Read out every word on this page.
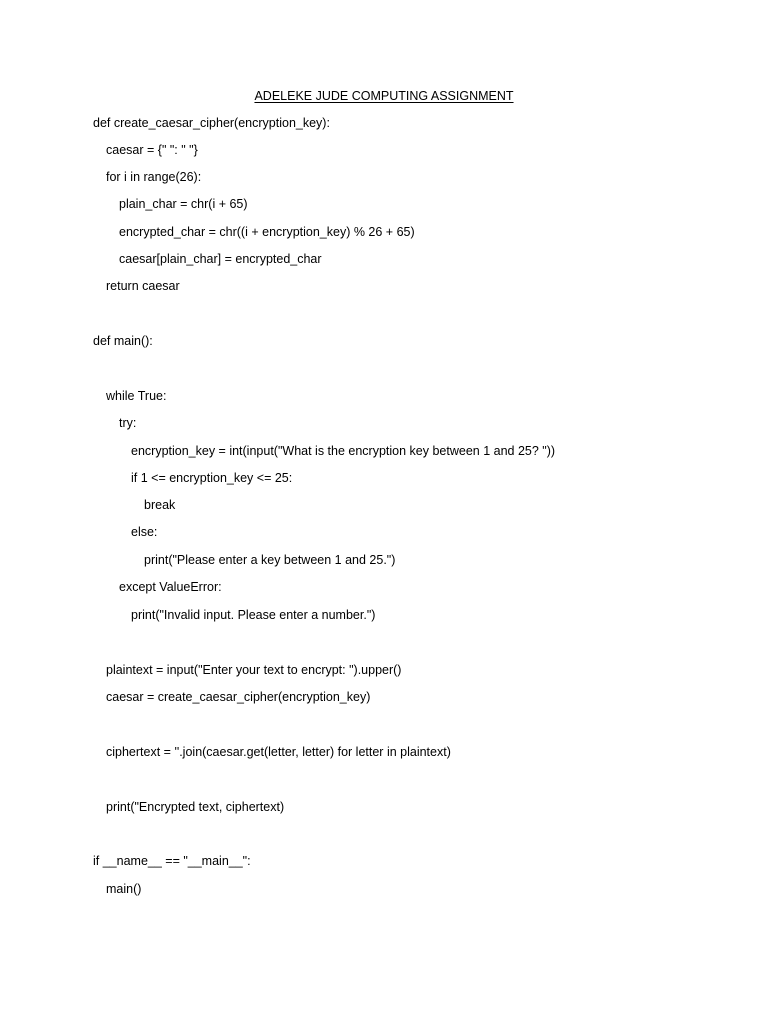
ADELEKE JUDE COMPUTING ASSIGNMENT
def create_caesar_cipher(encryption_key):
caesar = {" ": " "}
for i in range(26):
plain_char = chr(i + 65)
encrypted_char = chr((i + encryption_key) % 26 + 65)
caesar[plain_char] = encrypted_char
return caesar
def main():
while True:
try:
encryption_key = int(input("What is the encryption key between 1 and 25? "))
if 1 <= encryption_key <= 25:
break
else:
print("Please enter a key between 1 and 25.")
except ValueError:
print("Invalid input. Please enter a number.")
plaintext = input("Enter your text to encrypt: ").upper()
caesar = create_caesar_cipher(encryption_key)
ciphertext = ''.join(caesar.get(letter, letter) for letter in plaintext)
print("Encrypted text, ciphertext)
if __name__ == "__main__":
main()
